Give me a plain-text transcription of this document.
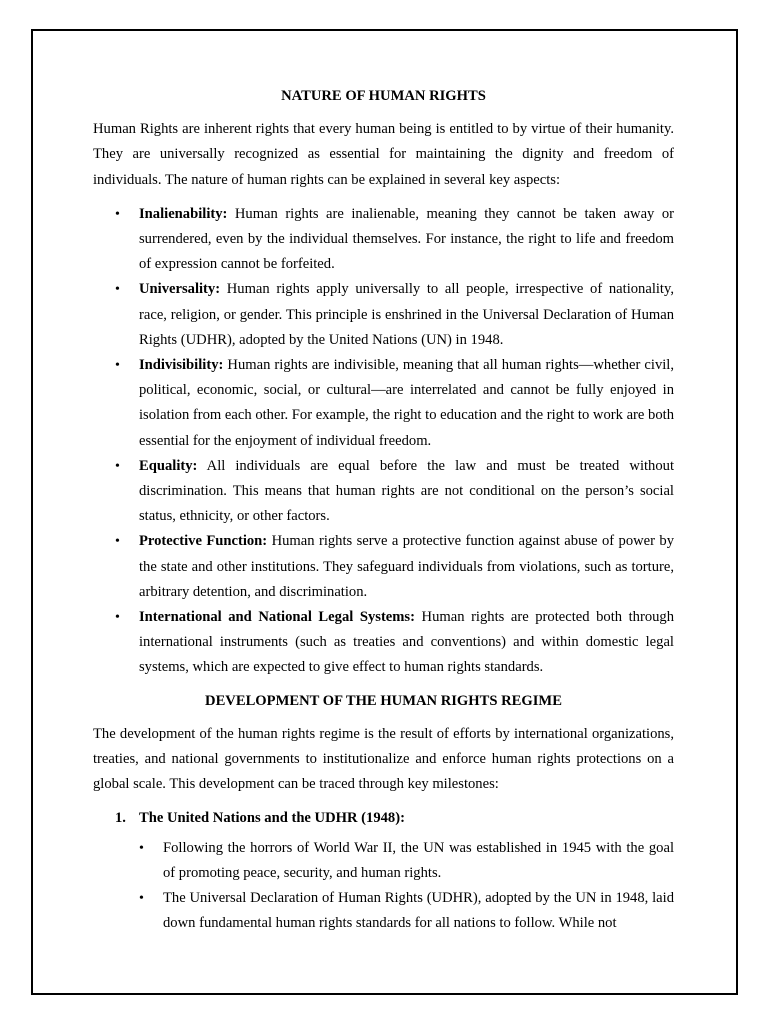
NATURE OF HUMAN RIGHTS

Human Rights are inherent rights that every human being is entitled to by virtue of their humanity. They are universally recognized as essential for maintaining the dignity and freedom of individuals. The nature of human rights can be explained in several key aspects:

• Inalienability: Human rights are inalienable, meaning they cannot be taken away or surrendered, even by the individual themselves. For instance, the right to life and freedom of expression cannot be forfeited.
• Universality: Human rights apply universally to all people, irrespective of nationality, race, religion, or gender. This principle is enshrined in the Universal Declaration of Human Rights (UDHR), adopted by the United Nations (UN) in 1948.
• Indivisibility: Human rights are indivisible, meaning that all human rights—whether civil, political, economic, social, or cultural—are interrelated and cannot be fully enjoyed in isolation from each other. For example, the right to education and the right to work are both essential for the enjoyment of individual freedom.
• Equality: All individuals are equal before the law and must be treated without discrimination. This means that human rights are not conditional on the person’s social status, ethnicity, or other factors.
• Protective Function: Human rights serve a protective function against abuse of power by the state and other institutions. They safeguard individuals from violations, such as torture, arbitrary detention, and discrimination.
• International and National Legal Systems: Human rights are protected both through international instruments (such as treaties and conventions) and within domestic legal systems, which are expected to give effect to human rights standards.
DEVELOPMENT OF THE HUMAN RIGHTS REGIME

The development of the human rights regime is the result of efforts by international organizations, treaties, and national governments to institutionalize and enforce human rights protections on a global scale. This development can be traced through key milestones:

1. The United Nations and the UDHR (1948):
• Following the horrors of World War II, the UN was established in 1945 with the goal of promoting peace, security, and human rights.
• The Universal Declaration of Human Rights (UDHR), adopted by the UN in 1948, laid down fundamental human rights standards for all nations to follow. While not
